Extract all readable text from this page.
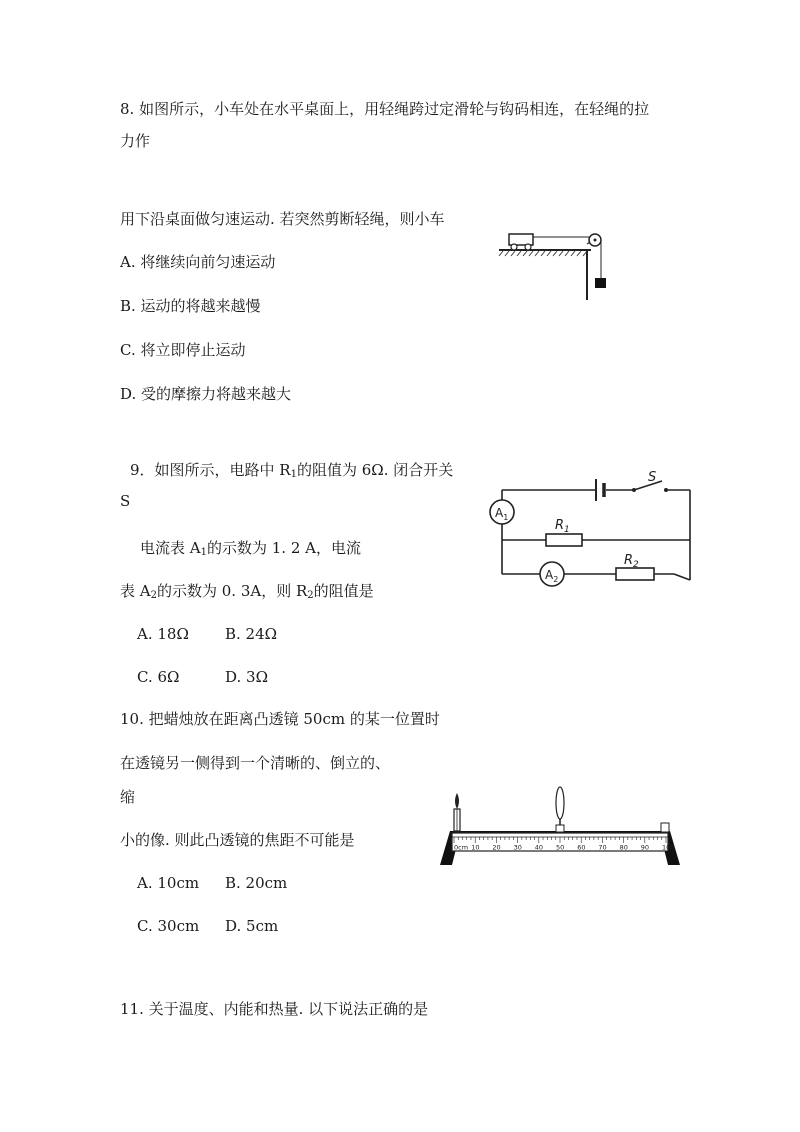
8. 如图所示，小车处在水平桌面上，用轻绳跨过定滑轮与钩码相连，在轻绳的拉
力作
用下沿桌面做匀速运动. 若突然剪断轻绳，则小车
A. 将继续向前匀速运动
B. 运动的将越来越慢
C. 将立即停止运动
D. 受的摩擦力将越来越大
9．如图所示，电路中 $R_1$的阻值为 6Ω. 闭合开关
S
电流表 $A_1$的示数为 1. 2 A，电流
表 $A_2$的示数为 0. 3A，则 $R_2$的阻值是
A. 18Ω B. 24Ω
C. 6Ω	D. 3Ω
S
$R_1$
$R_2$
$A_1$
$A_2$
10. 把蜡烛放在距离凸透镜 50cm 的某一位置时
在透镜另一侧得到一个清晰的、倒立的、
缩
小的像. 则此凸透镜的焦距不可能是
A. 10cm B. 20cm
C. 30cm D. 5cm
0cm 10 20 30 40 50 60 70 80 90 100
11. 关于温度、内能和热量. 以下说法正确的是
